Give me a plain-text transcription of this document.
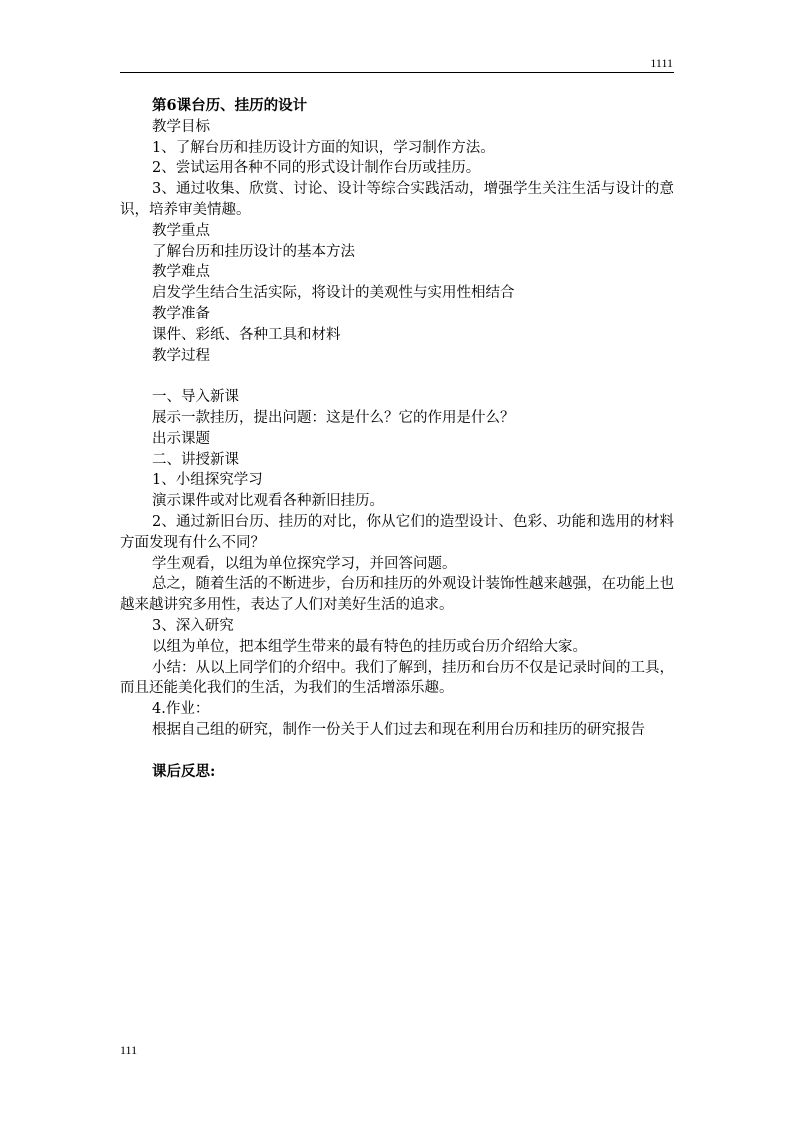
1111

第6课台历、挂历的设计

教学目标

1、了解台历和挂历设计方面的知识，学习制作方法。

2、尝试运用各种不同的形式设计制作台历或挂历。

3、通过收集、欣赏、讨论、设计等综合实践活动，增强学生关注生活与设计的意识，培养审美情趣。

教学重点

了解台历和挂历设计的基本方法

教学难点

启发学生结合生活实际，将设计的美观性与实用性相结合

教学准备

课件、彩纸、各种工具和材料

教学过程

一、导入新课

展示一款挂历，提出问题：这是什么？它的作用是什么？

出示课题

二、讲授新课

1、小组探究学习

演示课件或对比观看各种新旧挂历。

2、通过新旧台历、挂历的对比，你从它们的造型设计、色彩、功能和选用的材料方面发现有什么不同？

学生观看，以组为单位探究学习，并回答问题。

总之，随着生活的不断进步，台历和挂历的外观设计装饰性越来越强，在功能上也越来越讲究多用性，表达了人们对美好生活的追求。

3、深入研究

以组为单位，把本组学生带来的最有特色的挂历或台历介绍给大家。

小结：从以上同学们的介绍中。我们了解到，挂历和台历不仅是记录时间的工具，而且还能美化我们的生活，为我们的生活增添乐趣。

4.作业：

根据自己组的研究，制作一份关于人们过去和现在利用台历和挂历的研究报告

课后反思:

111
